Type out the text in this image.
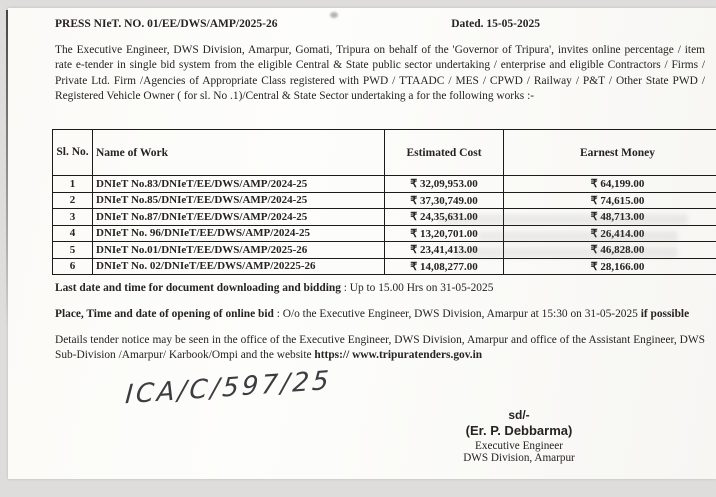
PRESS NIeT. NO. 01/EE/DWS/AMP/2025-26	Dated. 15-05-2025
The Executive Engineer, DWS Division, Amarpur, Gomati, Tripura on behalf of the 'Governor of Tripura', invites online percentage / item rate e-tender in single bid system from the eligible Central & State public sector undertaking / enterprise and eligible Contractors / Firms / Private Ltd. Firm /Agencies of Appropriate Class registered with PWD / TTAADC / MES / CPWD / Railway / P&T / Other State PWD / Registered Vehicle Owner ( for sl. No .1)/Central & State Sector undertaking a for the following works :-
Sl. No.	Name of Work	Estimated Cost	Earnest Money
1	DNIeT No.83/DNIeT/EE/DWS/AMP/2024-25	₹ 32,09,953.00	₹ 64,199.00
2	DNIeT No.85/DNIeT/EE/DWS/AMP/2024-25	₹ 37,30,749.00	₹ 74,615.00
3	DNIeT No.87/DNIeT/EE/DWS/AMP/2024-25	₹ 24,35,631.00	₹ 48,713.00
4	DNIeT No. 96/DNIeT/EE/DWS/AMP/2024-25	₹ 13,20,701.00	₹ 26,414.00
5	DNIeT No.01/DNIeT/EE/DWS/AMP/2025-26	₹ 23,41,413.00	₹ 46,828.00
6	DNIeT No. 02/DNIeT/EE/DWS/AMP/20225-26	₹ 14,08,277.00	₹ 28,166.00
Last date and time for document downloading and bidding : Up to 15.00 Hrs on 31-05-2025
Place, Time and date of opening of online bid : O/o the Executive Engineer, DWS Division, Amarpur at 15:30 on 31-05-2025 if possible
Details tender notice may be seen in the office of the Executive Engineer, DWS Division, Amarpur and office of the Assistant Engineer, DWS Sub-Division /Amarpur/ Karbook/Ompi and the website https:// www.tripuratenders.gov.in
ICA/C/597/25
sd/-
(Er. P. Debbarma)
Executive Engineer
DWS Division, Amarpur
